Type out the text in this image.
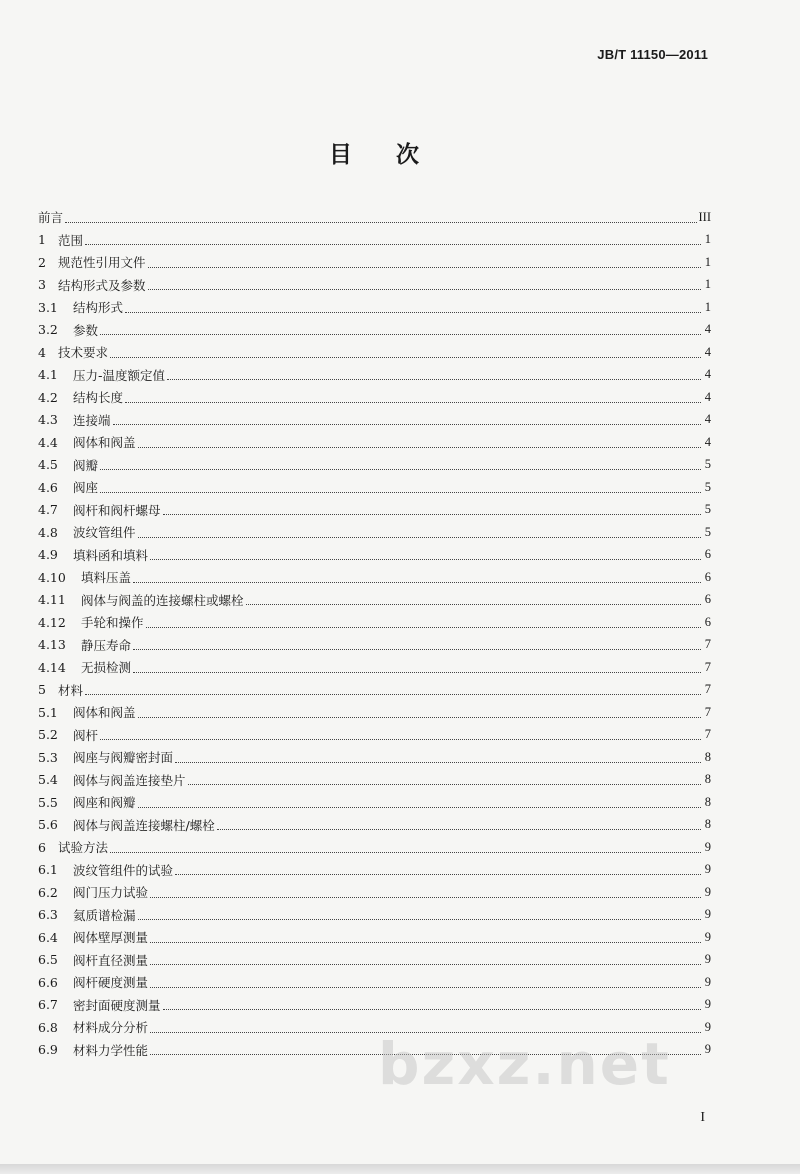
JB/T 11150—2011
目 次
前言	III
1 范围	1
2 规范性引用文件	1
3 结构形式及参数	1
3.1	结构形式	1
3.2	参数	4
4 技术要求	4
4.1	压力-温度额定值	4
4.2	结构长度	4
4.3	连接端	4
4.4	阀体和阀盖	4
4.5	阀瓣	5
4.6	阀座	5
4.7	阀杆和阀杆螺母	5
4.8	波纹管组件	5
4.9	填料函和填料	6
4.10	填料压盖	6
4.11	阀体与阀盖的连接螺柱或螺栓	6
4.12	手轮和操作	6
4.13	静压寿命	7
4.14	无损检测	7
5 材料	7
5.1	阀体和阀盖	7
5.2	阀杆	7
5.3	阀座与阀瓣密封面	8
5.4	阀体与阀盖连接垫片	8
5.5	阀座和阀瓣	8
5.6	阀体与阀盖连接螺柱/螺栓	8
6 试验方法	9
6.1	波纹管组件的试验	9
6.2	阀门压力试验	9
6.3	氦质谱检漏	9
6.4	阀体壁厚测量	9
6.5	阀杆直径测量	9
6.6	阀杆硬度测量	9
6.7	密封面硬度测量	9
6.8	材料成分分析	9
6.9	材料力学性能	9
bzxz.net
I
